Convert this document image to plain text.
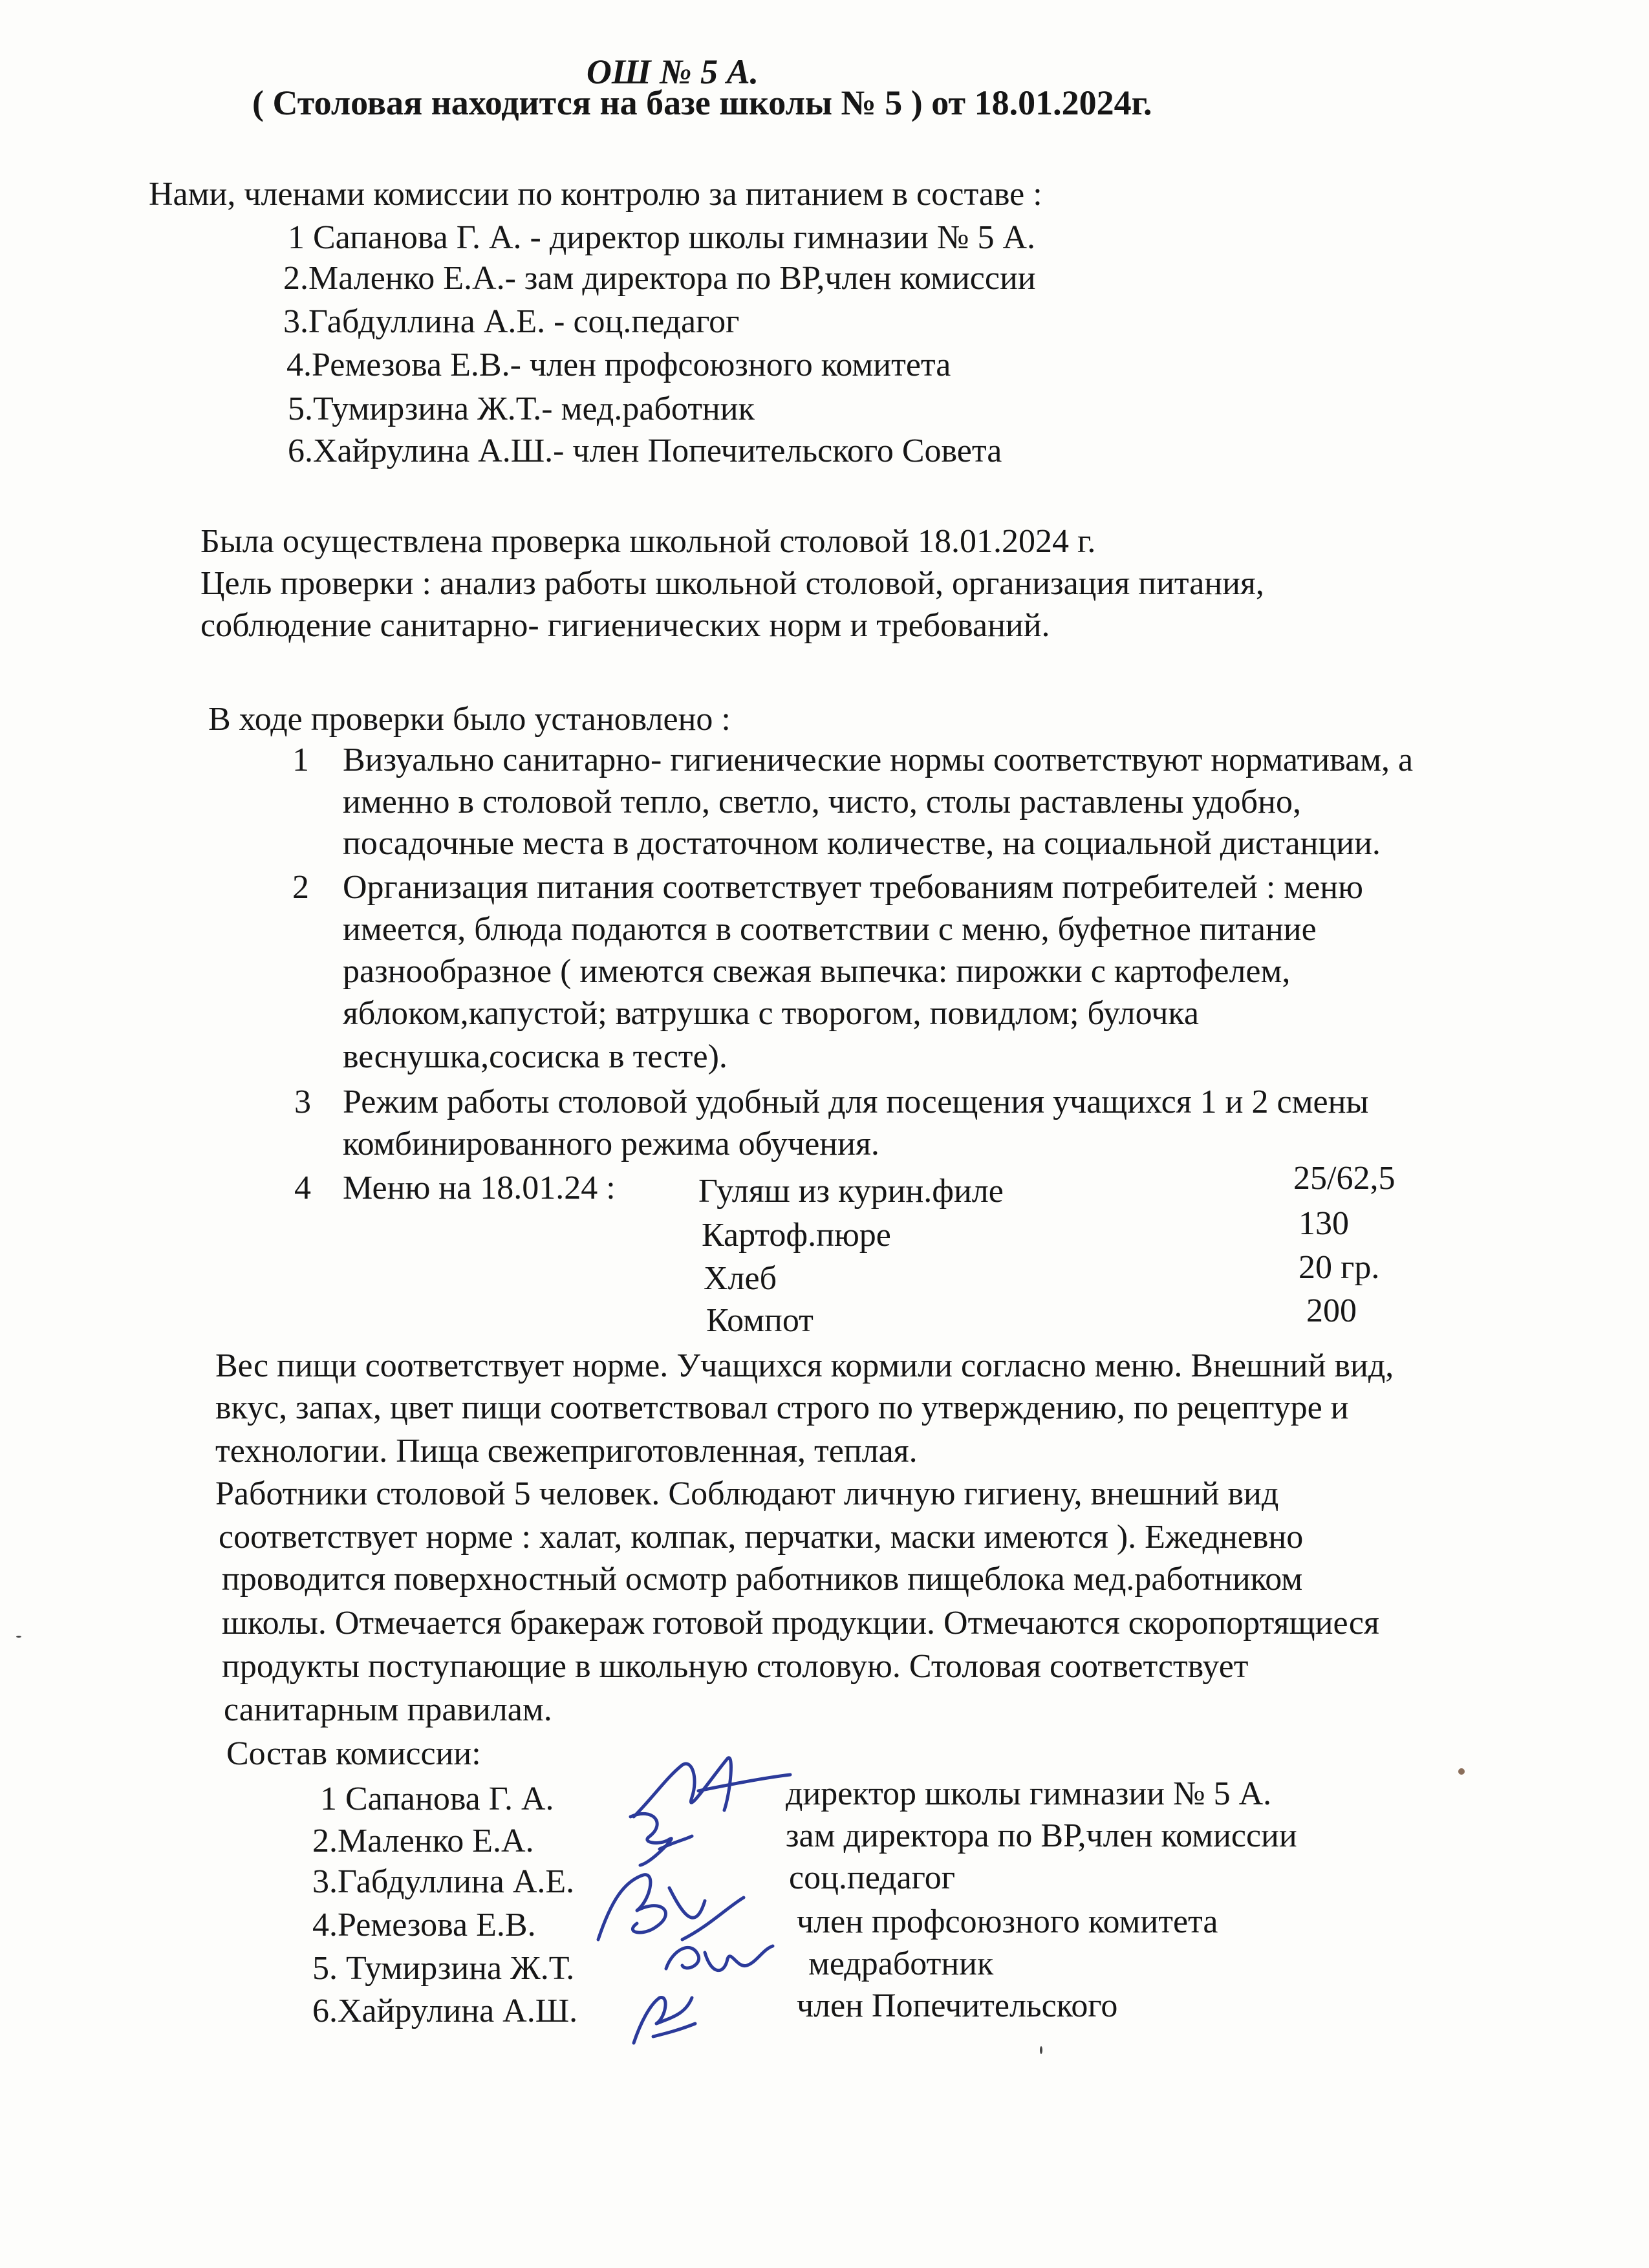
ОШ № 5 А.
( Столовая находится на базе школы № 5 ) от 18.01.2024г.
Нами, членами комиссии по контролю за питанием в составе :
1 Сапанова Г. А. - директор школы гимназии № 5 А.
2.Маленко Е.А.- зам директора по ВР,член комиссии
3.Габдуллина А.Е. - соц.педагог
4.Ремезова Е.В.- член профсоюзного комитета
5.Тумирзина Ж.Т.- мед.работник
6.Хайрулина А.Ш.- член Попечительского Совета
Была осуществлена проверка школьной столовой 18.01.2024 г.
Цель проверки : анализ работы школьной столовой, организация питания,
соблюдение санитарно- гигиенических норм и требований.
В ходе проверки было установлено :
1 Визуально санитарно- гигиенические нормы соответствуют нормативам, а
именно в столовой тепло, светло, чисто, столы раставлены удобно,
посадочные места в достаточном количестве, на социальной дистанции.
2 Организация питания соответствует требованиям потребителей : меню
имеется, блюда подаются в соответствии с меню, буфетное питание
разнообразное ( имеются свежая выпечка: пирожки с картофелем,
яблоком,капустой; ватрушка с творогом, повидлом; булочка
веснушка,сосиска в тесте).
3 Режим работы столовой удобный для посещения учащихся 1 и 2 смены
комбинированного режима обучения.
4 Меню на 18.01.24 : Гуляш из курин.филе	25/62,5
Картоф.пюре	130
Хлеб	20 гр.
Компот	200
Вес пищи соответствует норме. Учащихся кормили согласно меню. Внешний вид,
вкус, запах, цвет пищи соответствовал строго по утверждению, по рецептуре и
технологии. Пища свежеприготовленная, теплая.
Работники столовой 5 человек. Соблюдают личную гигиену, внешний вид
соответствует норме : халат, колпак, перчатки, маски имеются ). Ежедневно
проводится поверхностный осмотр работников пищеблока мед.работником
школы. Отмечается бракераж готовой продукции. Отмечаются скоропортящиеся
продукты поступающие в школьную столовую. Столовая соответствует
санитарным правилам.
Состав комиссии:
1 Сапанова Г. А.	директор школы гимназии № 5 А.
2.Маленко Е.А.	зам директора по ВР,член комиссии
3.Габдуллина А.Е.	соц.педагог
4.Ремезова Е.В.	член профсоюзного комитета
5. Тумирзина Ж.Т.	медработник
6.Хайрулина А.Ш.	член Попечительского
